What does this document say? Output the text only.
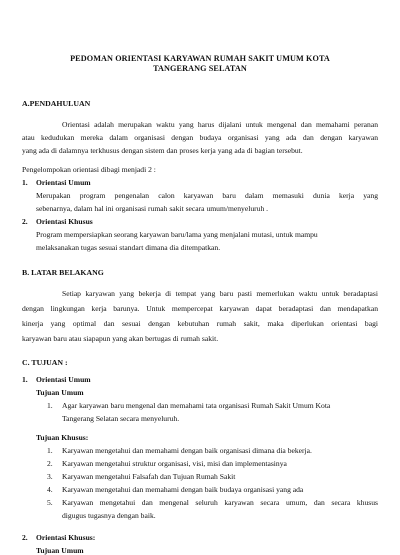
PEDOMAN ORIENTASI KARYAWAN RUMAH SAKIT UMUM KOTA
TANGERANG SELATAN
A.PENDAHULUAN
Orientasi adalah merupakan waktu yang harus dijalani untuk mengenal dan memahami peranan
atau kedudukan mereka dalam organisasi dengan budaya organisasi yang ada dan dengan karyawan
yang ada di dalamnya terkhusus dengan sistem dan proses kerja yang ada di bagian tersebut.
Pengelompokan orientasi dibagi menjadi 2 :
1. Orientasi Umum
Merupakan program pengenalan calon karyawan baru dalam memasuki dunia kerja yang
sebenarnya, dalam hal ini organisasi rumah sakit secara umum/menyeluruh .
2. Orientasi Khusus
Program mempersiapkan seorang karyawan baru/lama yang menjalani mutasi, untuk mampu
melaksanakan tugas sesuai standart dimana dia ditempatkan.
B. LATAR BELAKANG
Setiap karyawan yang bekerja di tempat yang baru pasti memerlukan waktu untuk beradaptasi
dengan lingkungan kerja barunya. Untuk mempercepat karyawan dapat beradaptasi dan mendapatkan
kinerja yang optimal dan sesuai dengan kebutuhan rumah sakit, maka diperlukan orientasi bagi
karyawan baru atau siapapun yang akan bertugas di rumah sakit.
C. TUJUAN :
1. Orientasi Umum
Tujuan Umum
1. Agar karyawan baru mengenal dan memahami tata organisasi Rumah Sakit Umum Kota
Tangerang Selatan secara menyeluruh.
Tujuan Khusus:
1. Karyawan mengetahui dan memahami dengan baik organisasi dimana dia bekerja.
2. Karyawan mengetahui struktur organisasi, visi, misi dan implementasinya
3. Karyawan mengetahui Falsafah dan Tujuan Rumah Sakit
4. Karyawan mengetahui dan memahami dengan baik budaya organisasi yang ada
5. Karyawan mengetahui dan mengenal seluruh karyawan secara umum, dan secara khusus
digugus tugasnya dengan baik.
2. Orientasi Khusus:
Tujuan Umum
